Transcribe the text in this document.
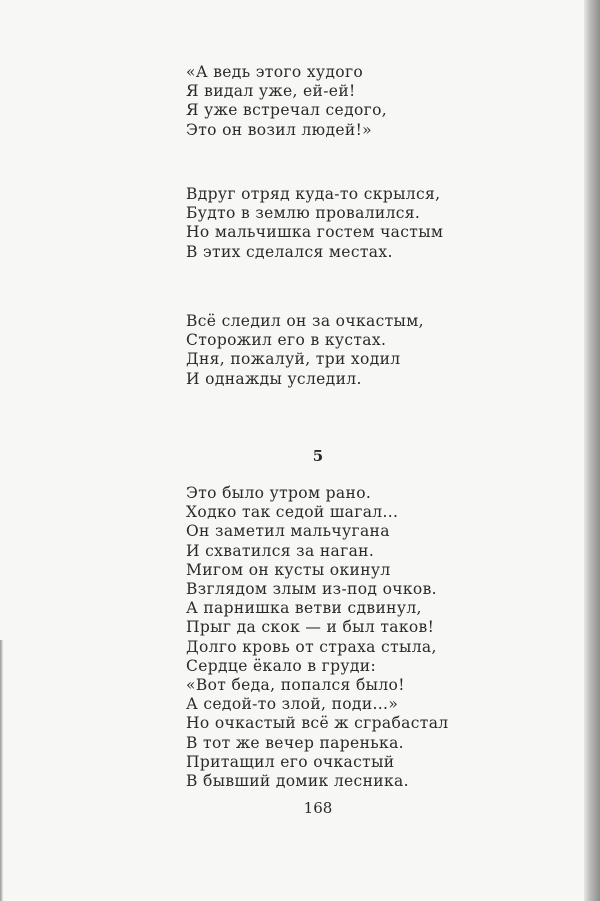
«А ведь этого худого
Я видал уже, ей-ей!
Я уже встречал седого,
Это он возил людей!»
Вдруг отряд куда-то скрылся,
Будто в землю провалился.
Но мальчишка гостем частым
В этих сделался местах.
Всё следил он за очкастым,
Сторожил его в кустах.
Дня, пожалуй, три ходил
И однажды уследил.
5
Это было утром рано.
Ходко так седой шагал...
Он заметил мальчугана
И схватился за наган.
Мигом он кусты окинул
Взглядом злым из-под очков.
А парнишка ветви сдвинул,
Прыг да скок — и был таков!
Долго кровь от страха стыла,
Сердце ёкало в груди:
«Вот беда, попался было!
А седой-то злой, поди...»
Но очкастый всё ж сграбастал
В тот же вечер паренька.
Притащил его очкастый
В бывший домик лесника.
168
